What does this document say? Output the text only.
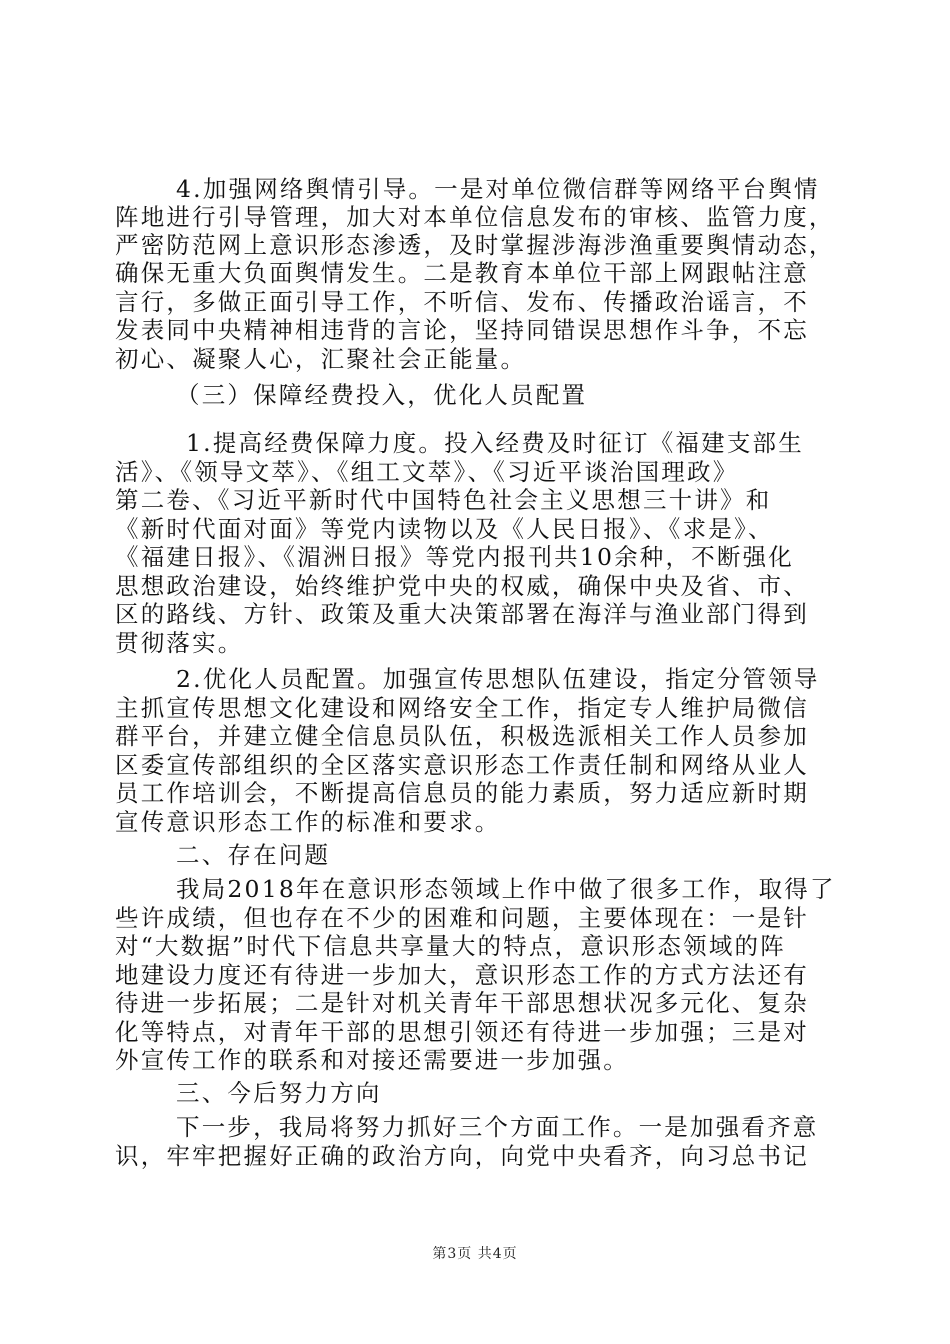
4.加强网络舆情引导。一是对单位微信群等网络平台舆情
阵地进行引导管理，加大对本单位信息发布的审核、监管力度，
严密防范网上意识形态渗透，及时掌握涉海涉渔重要舆情动态，
确保无重大负面舆情发生。二是教育本单位干部上网跟帖注意
言行，多做正面引导工作，不听信、发布、传播政治谣言，不
发表同中央精神相违背的言论，坚持同错误思想作斗争，不忘
初心、凝聚人心，汇聚社会正能量。
（三）保障经费投入，优化人员配置
1.提高经费保障力度。投入经费及时征订《福建支部生
活》、《领导文萃》、《组工文萃》、《习近平谈治国理政》
第二卷、《习近平新时代中国特色社会主义思想三十讲》和
《新时代面对面》等党内读物以及《人民日报》、《求是》、
《福建日报》、《湄洲日报》等党内报刊共10余种，不断强化
思想政治建设，始终维护党中央的权威，确保中央及省、市、
区的路线、方针、政策及重大决策部署在海洋与渔业部门得到
贯彻落实。
2.优化人员配置。加强宣传思想队伍建设，指定分管领导
主抓宣传思想文化建设和网络安全工作，指定专人维护局微信
群平台，并建立健全信息员队伍，积极选派相关工作人员参加
区委宣传部组织的全区落实意识形态工作责任制和网络从业人
员工作培训会，不断提高信息员的能力素质，努力适应新时期
宣传意识形态工作的标准和要求。
二、存在问题
我局2018年在意识形态领域上作中做了很多工作，取得了
些许成绩，但也存在不少的困难和问题，主要体现在：一是针
对“大数据”时代下信息共享量大的特点，意识形态领域的阵
地建设力度还有待进一步加大，意识形态工作的方式方法还有
待进一步拓展；二是针对机关青年干部思想状况多元化、复杂
化等特点，对青年干部的思想引领还有待进一步加强；三是对
外宣传工作的联系和对接还需要进一步加强。
三、今后努力方向
下一步，我局将努力抓好三个方面工作。一是加强看齐意
识，牢牢把握好正确的政治方向，向党中央看齐，向习总书记
第3页 共4页
